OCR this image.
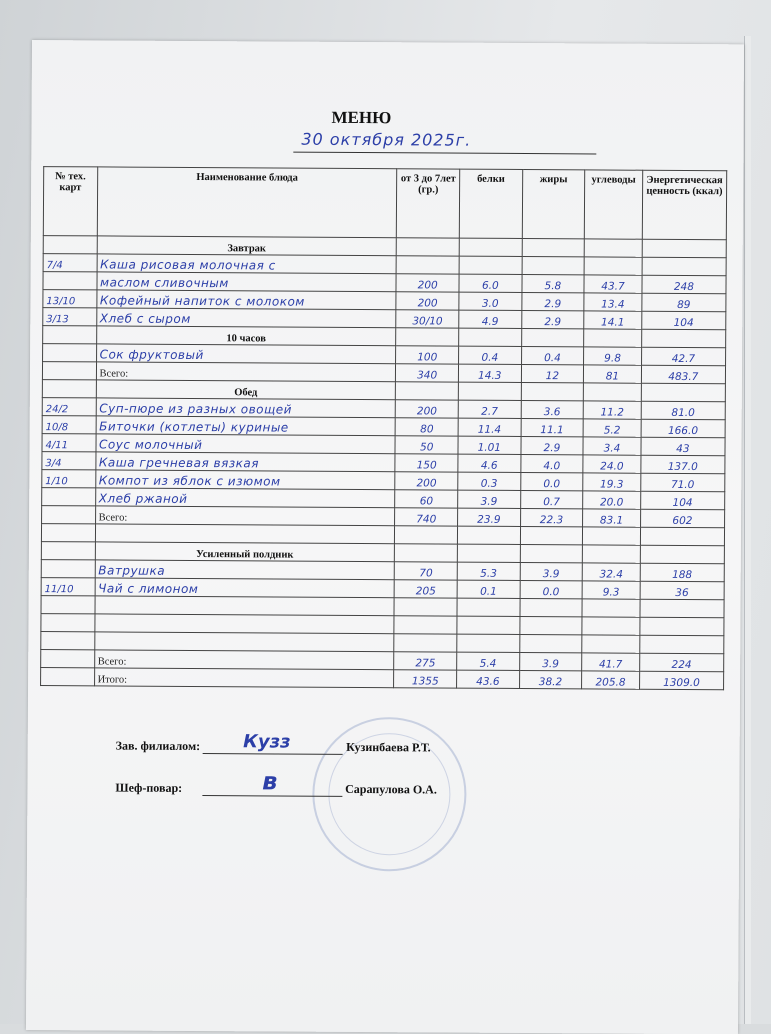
МЕНЮ
30 октября 2025г.
№ тех. карт	Наименование блюда	от 3 до 7лет (гр.)	белки	жиры	углеводы	Энергетическая ценность (ккал)
	Завтрак					
7/4	Каша рисовая молочная с					
	маслом сливочным	200	6.0	5.8	43.7	248
13/10	Кофейный напиток с молоком	200	3.0	2.9	13.4	89
3/13	Хлеб с сыром	30/10	4.9	2.9	14.1	104
	10 часов					
	Сок фруктовый	100	0.4	0.4	9.8	42.7
	Всего:	340	14.3	12	81	483.7
	Обед					
24/2	Суп-пюре из разных овощей	200	2.7	3.6	11.2	81.0
10/8	Биточки (котлеты) куриные	80	11.4	11.1	5.2	166.0
4/11	Соус молочный	50	1.01	2.9	3.4	43
3/4	Каша гречневая вязкая	150	4.6	4.0	24.0	137.0
1/10	Компот из яблок с изюмом	200	0.3	0.0	19.3	71.0
	Хлеб ржаной	60	3.9	0.7	20.0	104
	Всего:	740	23.9	22.3	83.1	602

	Усиленный полдник					
	Ватрушка	70	5.3	3.9	32.4	188
11/10	Чай с лимоном	205	0.1	0.0	9.3	36

	Всего:	275	5.4	3.9	41.7	224
	Итого:	1355	43.6	38.2	205.8	1309.0
Зав. филиалом: Кузз	Кузинбаева Р.Т.
Шеф-повар:	в	Сарапулова О.А.
